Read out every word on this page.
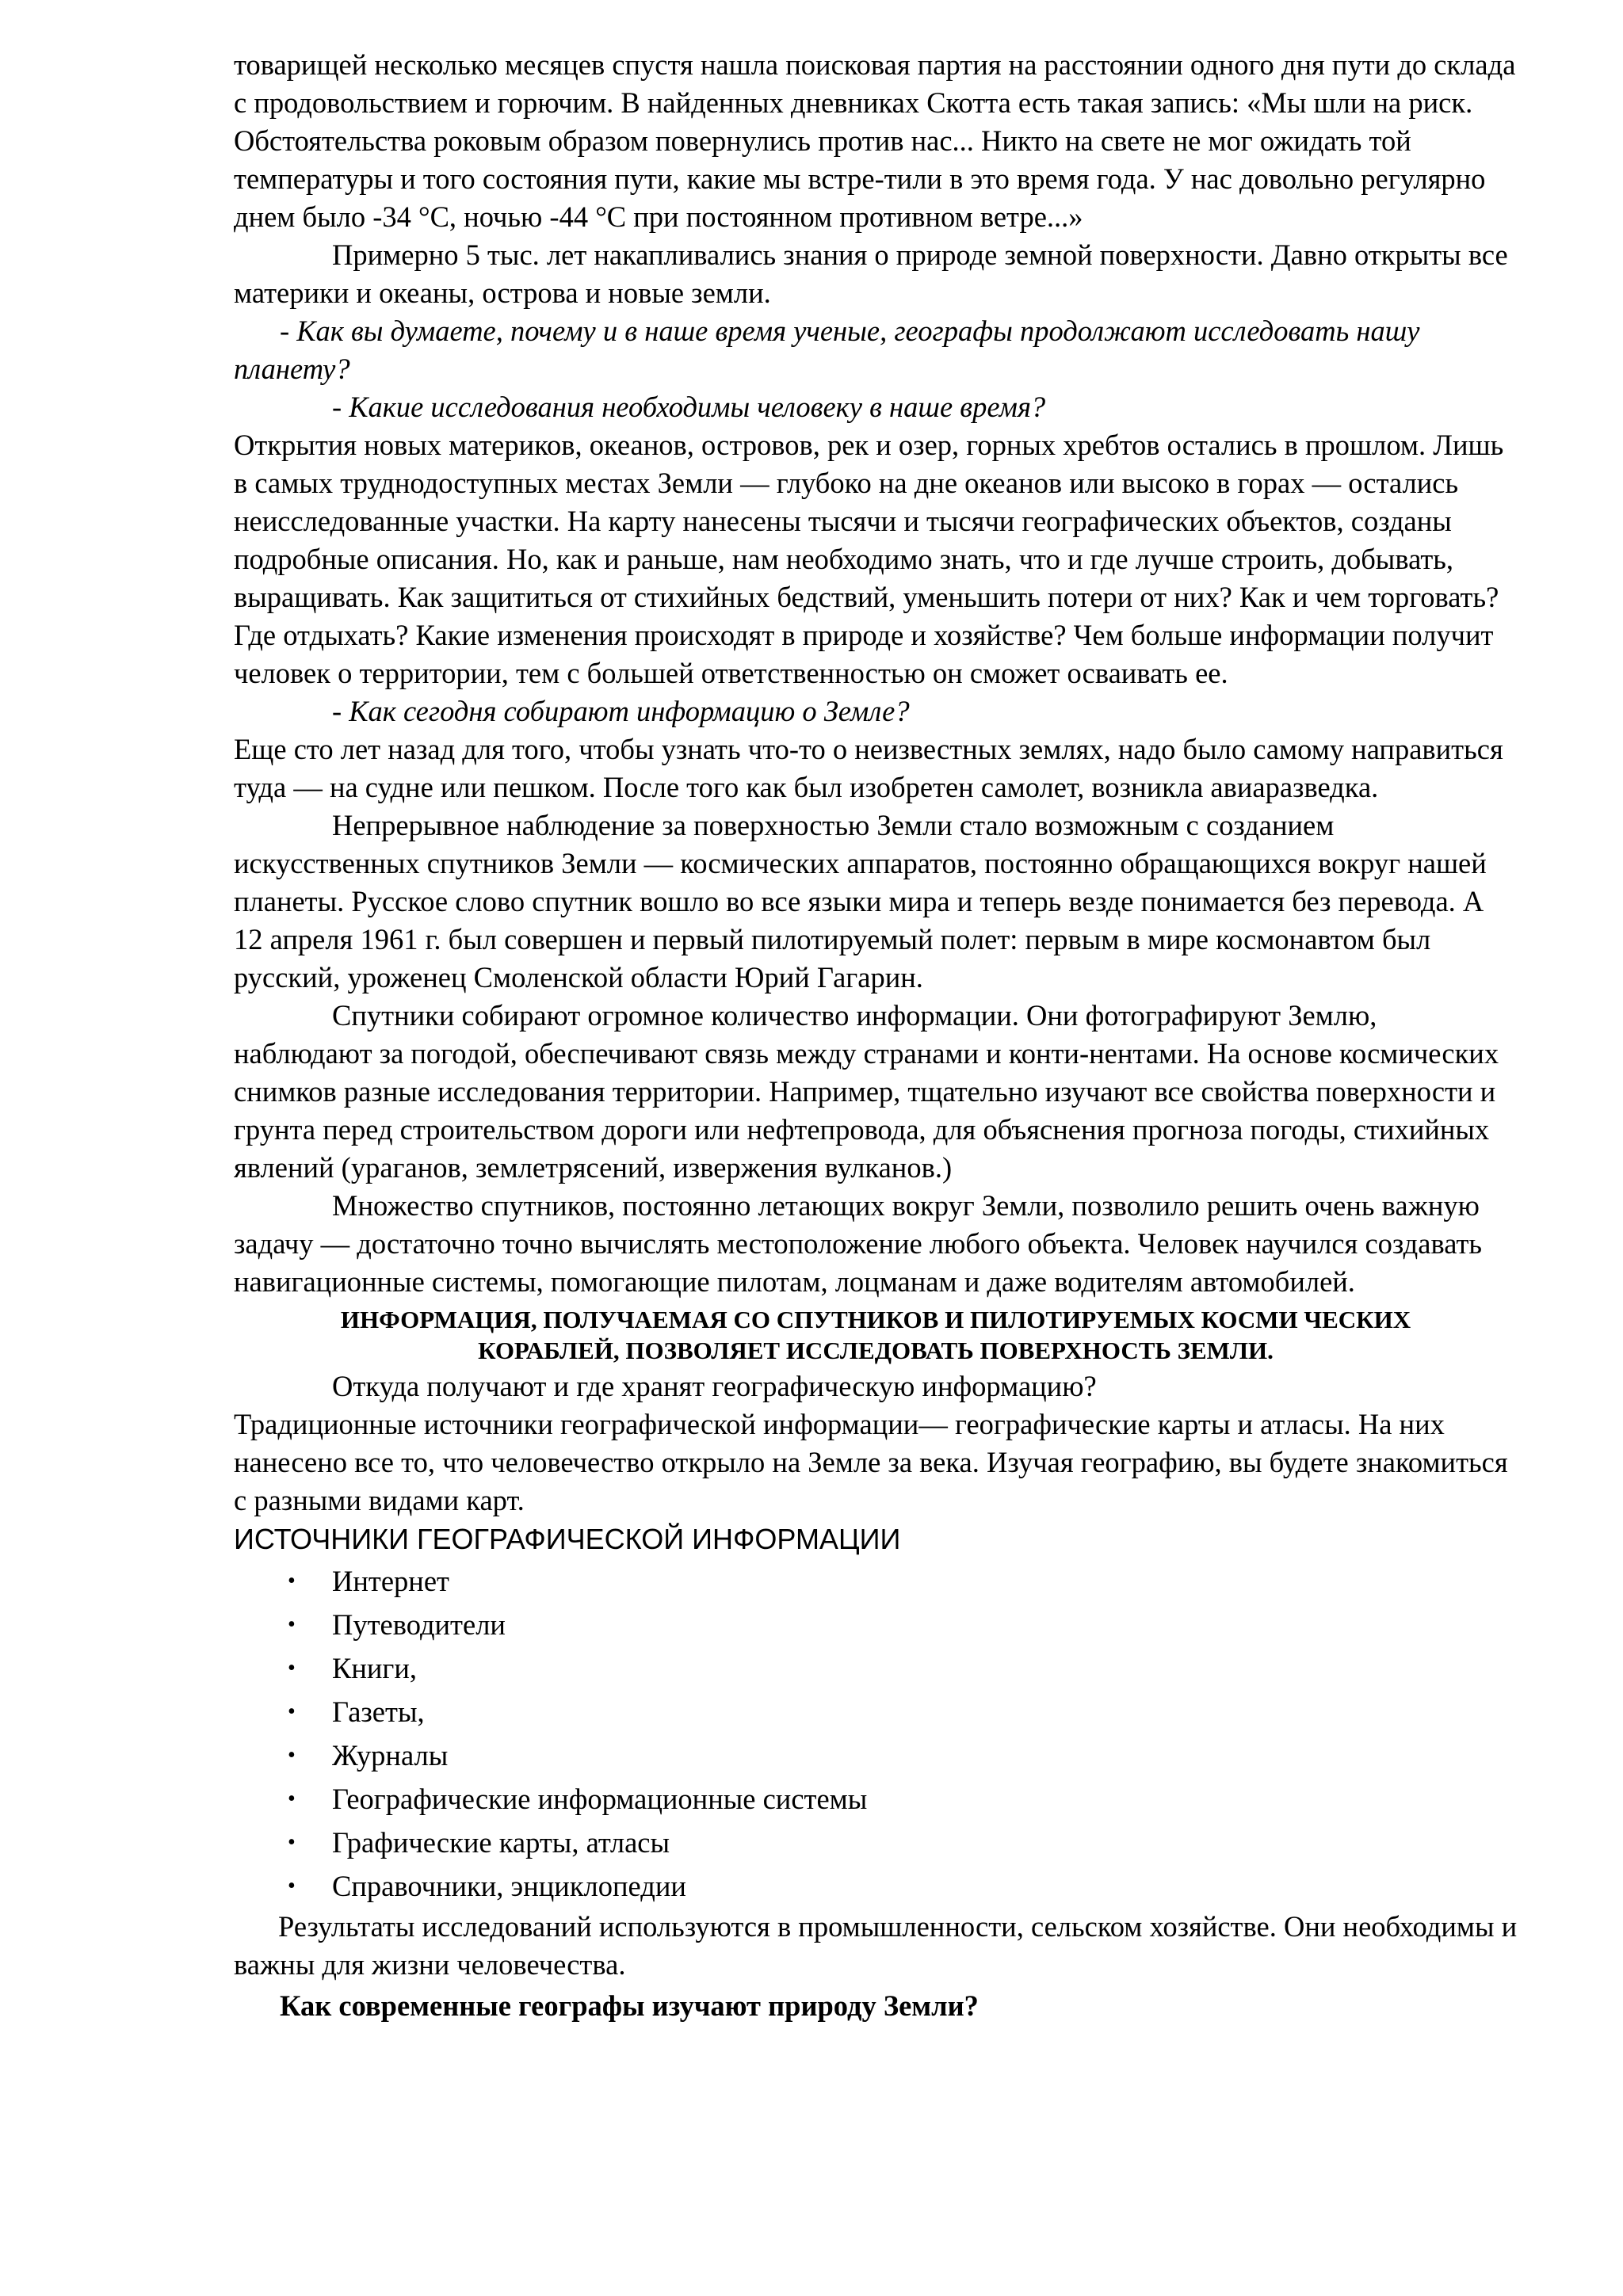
товарищей несколько месяцев спустя нашла поисковая партия на расстоянии одного дня пути до склада с продовольствием и горючим. В найденных дневниках Скотта есть такая запись: «Мы шли на риск. Обстоятельства роковым образом повернулись против нас... Никто на свете не мог ожидать той температуры и того состояния пути, какие мы встре-тили в это время года. У нас довольно регулярно днем было -34 °С, ночью -44 °С при постоянном противном ветре...»

Примерно 5 тыс. лет накапливались знания о природе земной поверхности. Давно открыты все материки и океаны, острова и новые земли.

- Как вы думаете, почему и в наше время ученые, географы продолжают исследовать нашу планету?

- Какие исследования необходимы человеку в наше время?

Открытия новых материков, океанов, островов, рек и озер, горных хребтов остались в прошлом. Лишь в самых труднодоступных местах Земли — глубоко на дне океанов или высоко в горах — остались неисследованные участки. На карту нанесены тысячи и тысячи географических объектов, созданы подробные описания. Но, как и раньше, нам необходимо знать, что и где лучше строить, добывать, выращивать. Как защититься от стихийных бедствий, уменьшить потери от них? Как и чем торговать? Где отдыхать? Какие изменения происходят в природе и хозяйстве? Чем больше информации получит человек о территории, тем с большей ответственностью он сможет осваивать ее.

- Как сегодня собирают информацию о Земле?

Еще сто лет назад для того, чтобы узнать что-то о неизвестных землях, надо было самому направиться туда — на судне или пешком. После того как был изобретен самолет, возникла авиаразведка.

Непрерывное наблюдение за поверхностью Земли стало возможным с созданием искусственных спутников Земли — космических аппаратов, постоянно обращающихся вокруг нашей планеты. Русское слово спутник вошло во все языки мира и теперь везде понимается без перевода. А 12 апреля 1961 г. был совершен и первый пилотируемый полет: первым в мире космонавтом был русский, уроженец Смоленской области Юрий Гагарин.

Спутники собирают огромное количество информации. Они фотографируют Землю, наблюдают за погодой, обеспечивают связь между странами и конти-нентами. На основе космических снимков разные исследования территории. Например, тщательно изучают все свойства поверхности и грунта перед строительством дороги или нефтепровода, для объяснения прогноза погоды, стихийных явлений (ураганов, землетрясений, извержения вулканов.)

Множество спутников, постоянно летающих вокруг Земли, позволило решить очень важную задачу — достаточно точно вычислять местоположение любого объекта. Человек научился создавать навигационные системы, помогающие пилотам, лоцманам и даже водителям автомобилей.

ИНФОРМАЦИЯ, ПОЛУЧАЕМАЯ СО СПУТНИКОВ И ПИЛОТИРУЕМЫХ КОСМИ ЧЕСКИХ
КОРАБЛЕЙ, ПОЗВОЛЯЕТ ИССЛЕДОВАТЬ ПОВЕРХНОСТЬ ЗЕМЛИ.

Откуда получают и где хранят географическую информацию?

Традиционные источники географической информации— географические карты и атласы. На них нанесено все то, что человечество открыло на Земле за века. Изучая географию, вы будете знакомиться с разными видами карт.

ИСТОЧНИКИ ГЕОГРАФИЧЕСКОЙ ИНФОРМАЦИИ

• Интернет
• Путеводители
• Книги,
• Газеты,
• Журналы
• Географические информационные системы
• Графические карты, атласы
• Справочники, энциклопедии

Результаты исследований используются в промышленности, сельском хозяйстве. Они необходимы и важны для жизни человечества.

Как современные географы изучают природу Земли?
